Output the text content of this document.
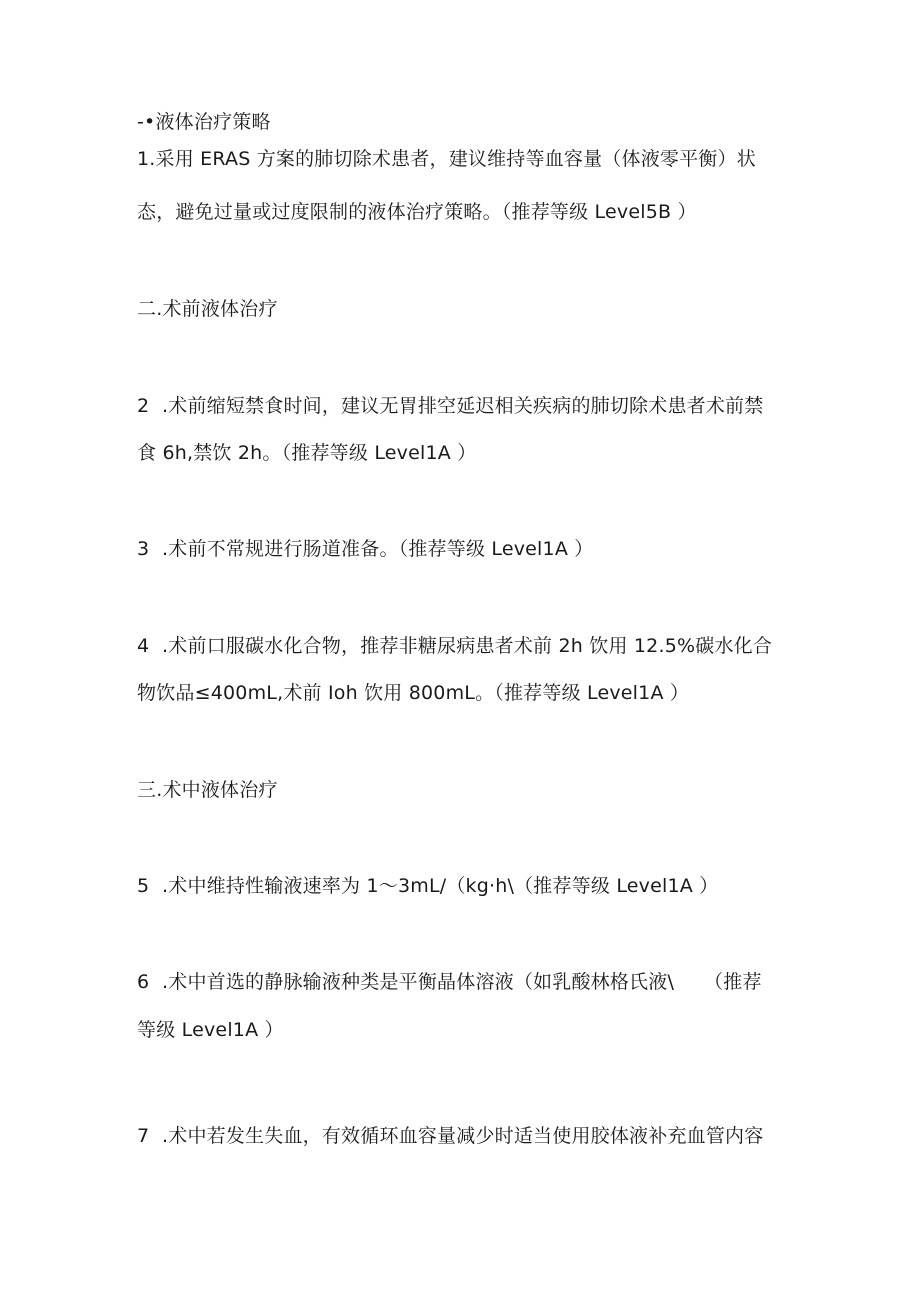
-•液体治疗策略
1.采用 ERAS 方案的肺切除术患者，建议维持等血容量（体液零平衡）状
态，避免过量或过度限制的液体治疗策略。（推荐等级 Level5B ）
二.术前液体治疗
2 .术前缩短禁食时间，建议无胃排空延迟相关疾病的肺切除术患者术前禁
食 6h,禁饮 2h。（推荐等级 Level1A ）
3 .术前不常规进行肠道准备。（推荐等级 Level1A ）
4 .术前口服碳水化合物，推荐非糖尿病患者术前 2h 饮用 12.5%碳水化合
物饮品≤400mL,术前 Ioh 饮用 800mL。（推荐等级 Level1A ）
三.术中液体治疗
5 .术中维持性输液速率为 1～3mL/（kg·h\（推荐等级 Level1A ）
6 .术中首选的静脉输液种类是平衡晶体溶液（如乳酸林格氏液\ （推荐
等级 Level1A ）
7 .术中若发生失血，有效循环血容量减少时适当使用胶体液补充血管内容
